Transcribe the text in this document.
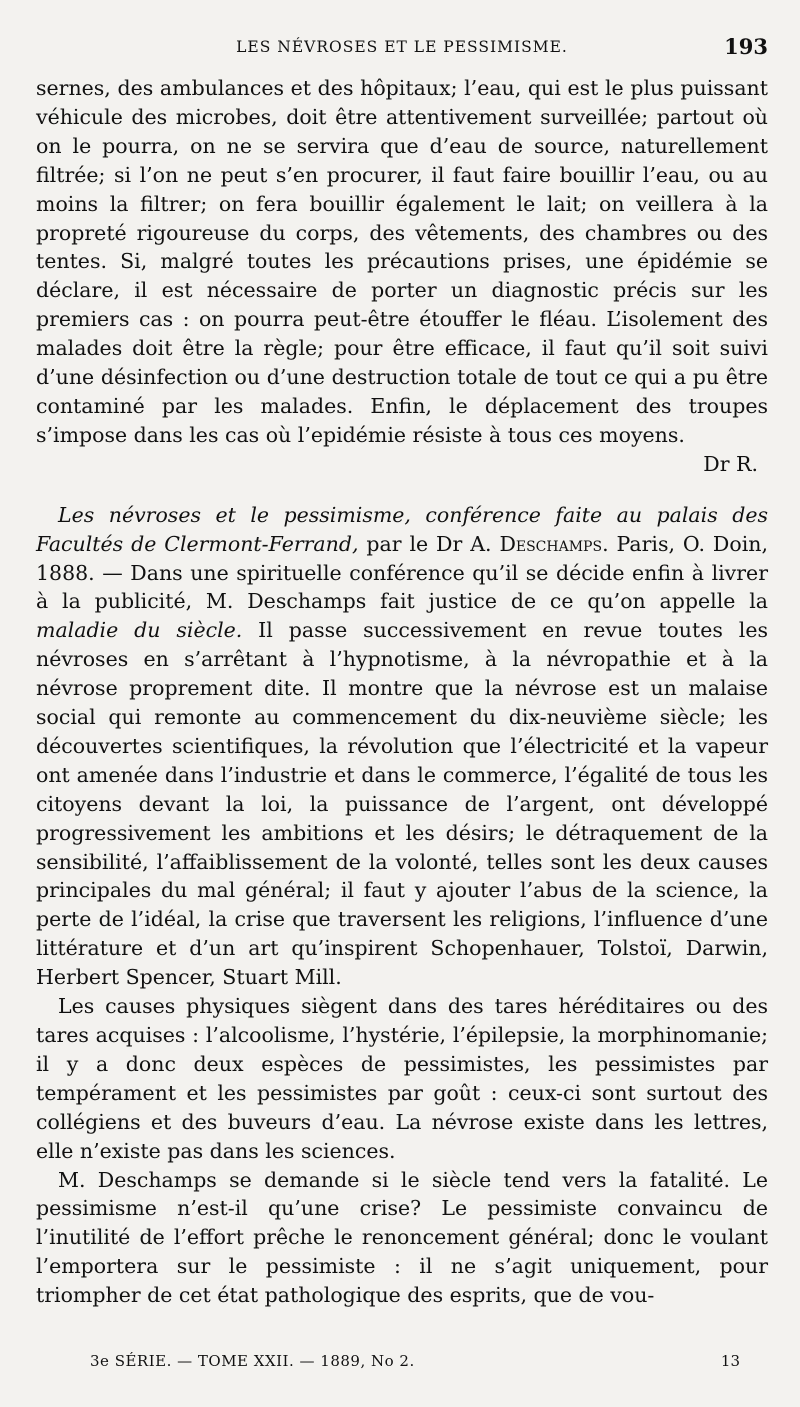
LES NÉVROSES ET LE PESSIMISME.	193

sernes, des ambulances et des hôpitaux; l’eau, qui est le plus puissant véhicule des microbes, doit être attentivement surveillée; partout où on le pourra, on ne se servira que d’eau de source, naturellement filtrée; si l’on ne peut s’en procurer, il faut faire bouillir l’eau, ou au moins la filtrer; on fera bouillir également le lait; on veillera à la propreté rigoureuse du corps, des vêtements, des chambres ou des tentes. Si, malgré toutes les précautions prises, une épidémie se déclare, il est nécessaire de porter un diagnostic précis sur les premiers cas : on pourra peut-être étouffer le fléau. L’isolement des malades doit être la règle; pour être efficace, il faut qu’il soit suivi d’une désinfection ou d’une destruction totale de tout ce qui a pu être contaminé par les malades. Enfin, le déplacement des troupes s’impose dans les cas où l’epidémie résiste à tous ces moyens.

Dr R.

Les névroses et le pessimisme, conférence faite au palais des Facultés de Clermont-Ferrand, par le Dr A. Deschamps. Paris, O. Doin, 1888. — Dans une spirituelle conférence qu’il se décide enfin à livrer à la publicité, M. Deschamps fait justice de ce qu’on appelle la maladie du siècle. Il passe successivement en revue toutes les névroses en s’arrêtant à l’hypnotisme, à la névropathie et à la névrose proprement dite. Il montre que la névrose est un malaise social qui remonte au commencement du dix-neuvième siècle; les découvertes scientifiques, la révolution que l’électricité et la vapeur ont amenée dans l’industrie et dans le commerce, l’égalité de tous les citoyens devant la loi, la puissance de l’argent, ont développé progressivement les ambitions et les désirs; le détraquement de la sensibilité, l’affaiblissement de la volonté, telles sont les deux causes principales du mal général; il faut y ajouter l’abus de la science, la perte de l’idéal, la crise que traversent les religions, l’influence d’une littérature et d’un art qu’inspirent Schopenhauer, Tolstoï, Darwin, Herbert Spencer, Stuart Mill.

Les causes physiques siègent dans des tares héréditaires ou des tares acquises : l’alcoolisme, l’hystérie, l’épilepsie, la morphinomanie; il y a donc deux espèces de pessimistes, les pessimistes par tempérament et les pessimistes par goût : ceux-ci sont surtout des collégiens et des buveurs d’eau. La névrose existe dans les lettres, elle n’existe pas dans les sciences.

M. Deschamps se demande si le siècle tend vers la fatalité. Le pessimisme n’est-il qu’une crise? Le pessimiste convaincu de l’inutilité de l’effort prêche le renoncement général; donc le voulant l’emportera sur le pessimiste : il ne s’agit uniquement, pour triompher de cet état pathologique des esprits, que de vou-

3e SÉRIE. — TOME XXII. — 1889, No 2.	13
